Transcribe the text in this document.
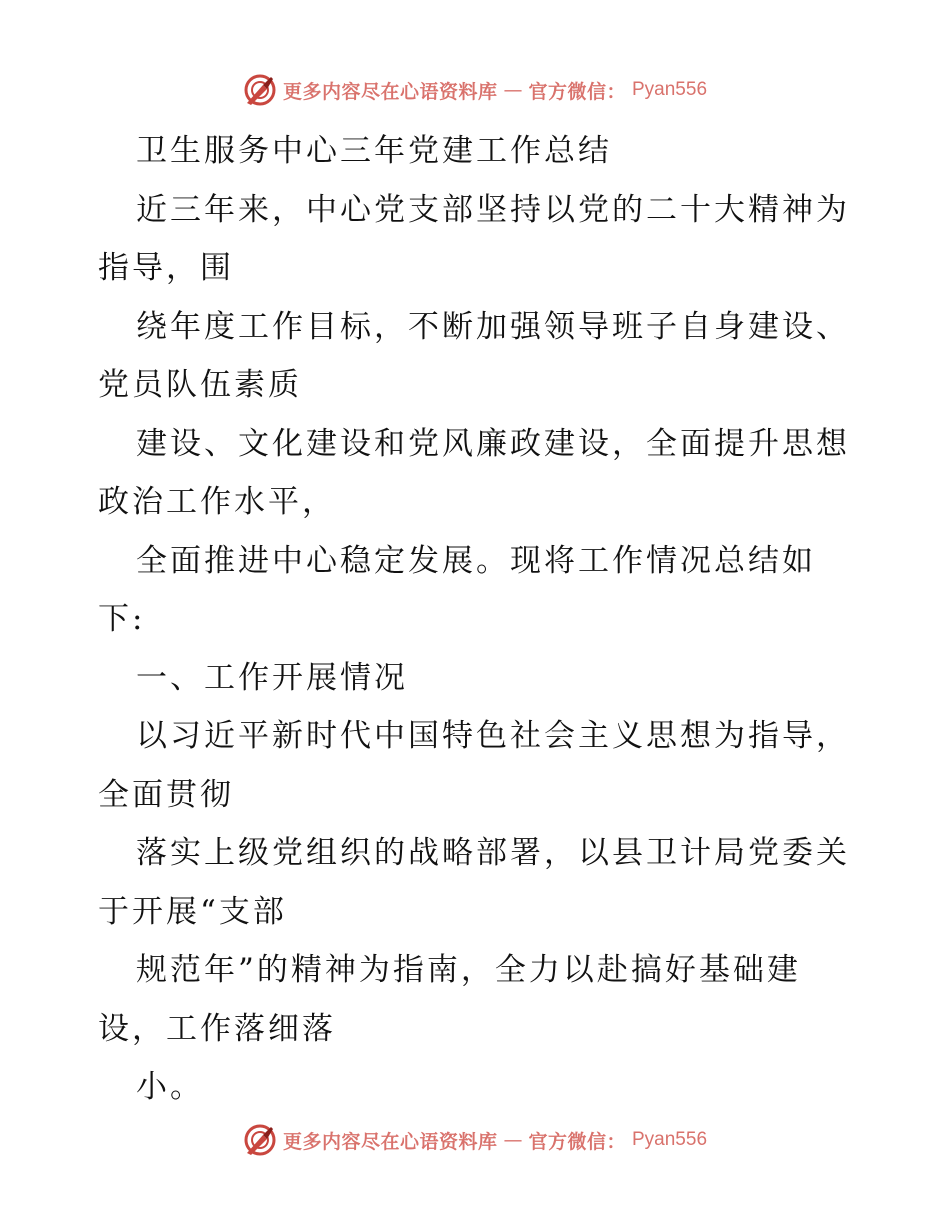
更多内容尽在心语资料库 — 官方微信： Pyan556
卫生服务中心三年党建工作总结
近三年来，中心党支部坚持以党的二十大精神为
指导，围
绕年度工作目标，不断加强领导班子自身建设、
党员队伍素质
建设、文化建设和党风廉政建设，全面提升思想
政治工作水平，
全面推进中心稳定发展。现将工作情况总结如
下:
一、工作开展情况
以习近平新时代中国特色社会主义思想为指导，
全面贯彻
落实上级党组织的战略部署，以县卫计局党委关
于开展“支部
规范年”的精神为指南，全力以赴搞好基础建
设，工作落细落
小。
更多内容尽在心语资料库 — 官方微信： Pyan556
